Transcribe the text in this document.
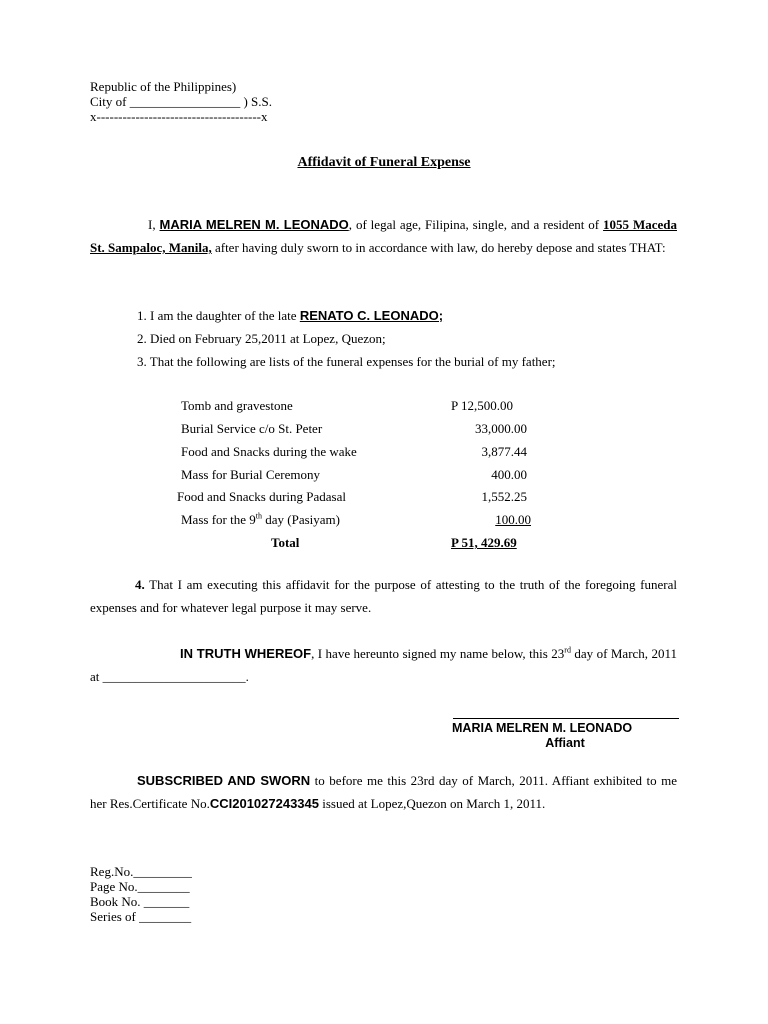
Republic of the Philippines)
City of _________________ ) S.S.
x--------------------------------------x
Affidavit of Funeral Expense
I, MARIA MELREN M. LEONADO, of legal age, Filipina, single, and a resident of 1055 Maceda St. Sampaloc, Manila, after having duly sworn to in accordance with law, do hereby depose and states THAT:
1. I am the daughter of the late RENATO C. LEONADO;
2. Died on February 25,2011 at Lopez, Quezon;
3. That the following are lists of the funeral expenses for the burial of my father;
Tomb and gravestone	P 12,500.00
Burial Service c/o St. Peter	33,000.00
Food and Snacks during the wake	3,877.44
Mass for Burial Ceremony	400.00
Food and Snacks during Padasal	1,552.25
Mass for the 9th day (Pasiyam)	100.00
Total	P 51, 429.69
4. That I am executing this affidavit for the purpose of attesting to the truth of the foregoing funeral expenses and for whatever legal purpose it may serve.
IN TRUTH WHEREOF, I have hereunto signed my name below, this 23rd day of March, 2011 at ______________________.
MARIA MELREN M. LEONADO
Affiant
SUBSCRIBED AND SWORN to before me this 23rd day of March, 2011. Affiant exhibited to me her Res.Certificate No.CCI201027243345 issued at Lopez,Quezon on March 1, 2011.
Reg.No._________
Page No.________
Book No. _______
Series of ________
